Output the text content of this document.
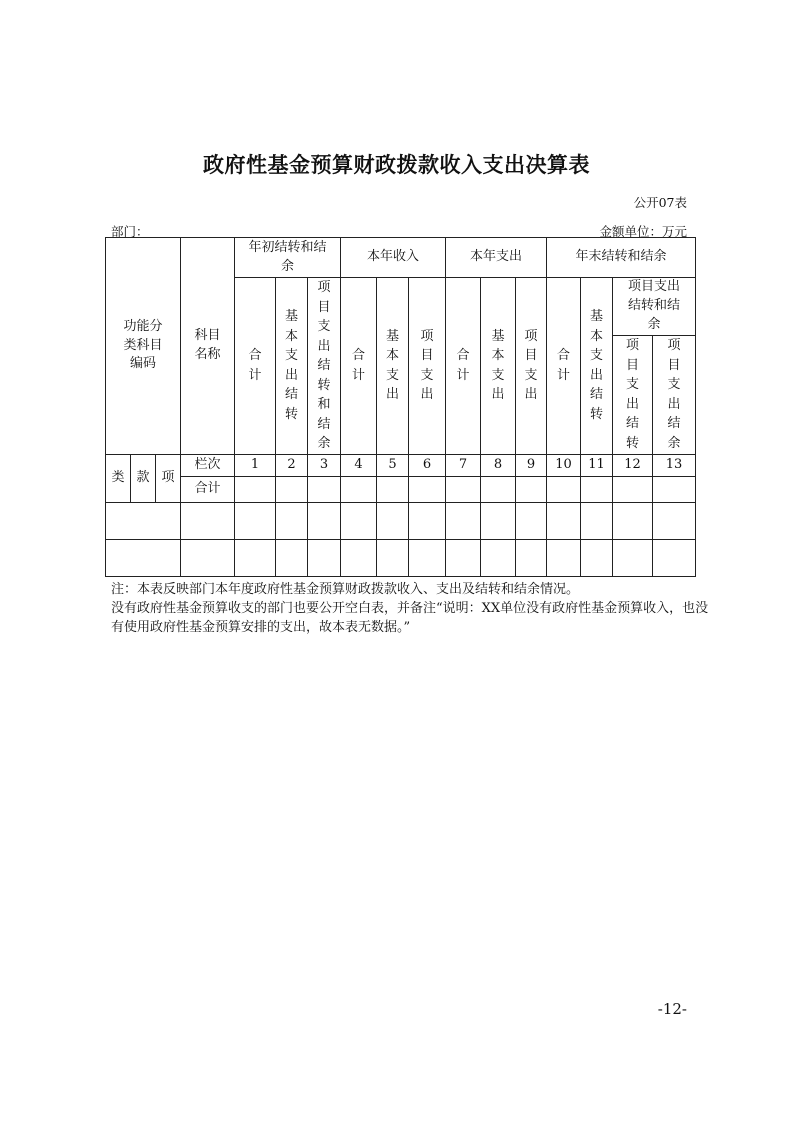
政府性基金预算财政拨款收入支出决算表
公开07表
部门：	金额单位：万元
功能分类科目编码	科目名称	年初结转和结余			本年收入			本年支出			年末结转和结余			
		合计	基本支出结转	项目支出结转和结余	合计	基本支出	项目支出	合计	基本支出	项目支出	合计	基本支出结转	项目支出结转和结余	
													项目支出结转	项目支出结余

类 款 项	栏次	1	2	3	4	5	6	7	8	9	10	11	12	13
	合计													

注：本表反映部门本年度政府性基金预算财政拨款收入、支出及结转和结余情况。

没有政府性基金预算收支的部门也要公开空白表，并备注“说明：XX单位没有政府性基金预算收入，也没有使用政府性基金预算安排的支出，故本表无数据。”

-12-
